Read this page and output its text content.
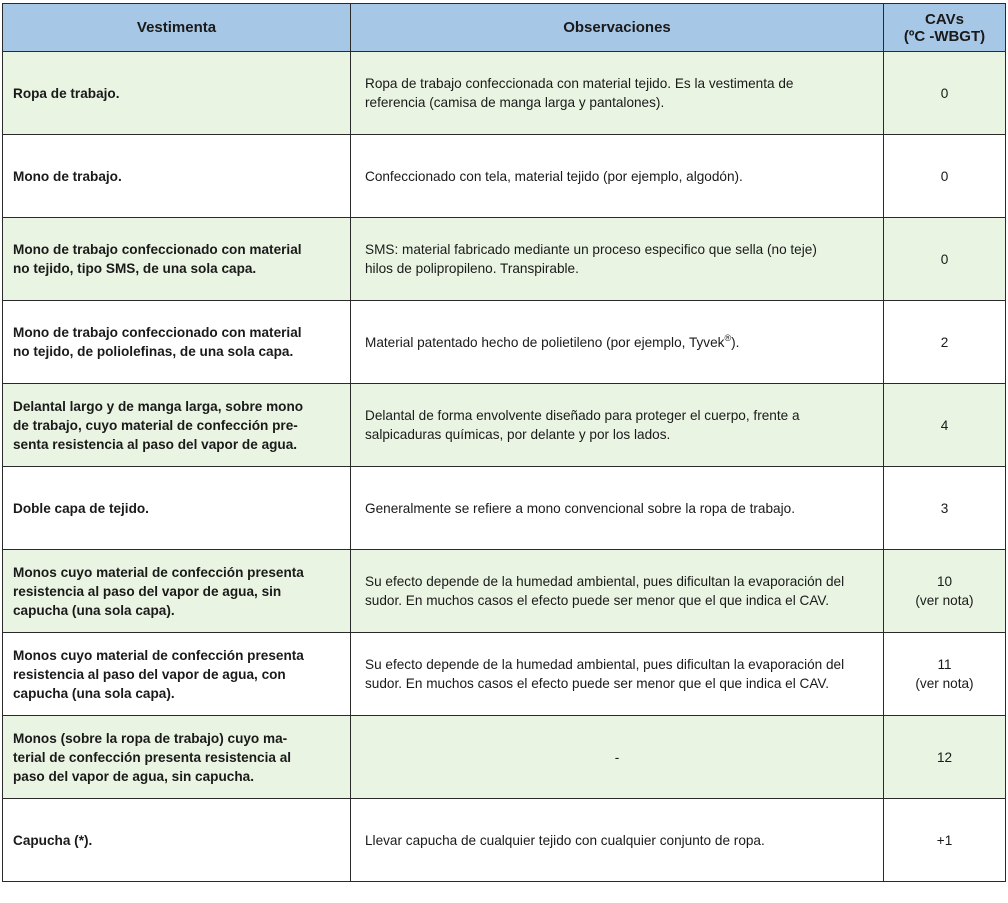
Vestimenta	Observaciones	CAVs
(ºC -WBGT)

Ropa de trabajo.	Ropa de trabajo confeccionada con material tejido. Es la vestimenta de
referencia (camisa de manga larga y pantalones).	0

Mono de trabajo.	Confeccionado con tela, material tejido (por ejemplo, algodón).	0

Mono de trabajo confeccionado con material
no tejido, tipo SMS, de una sola capa.	SMS: material fabricado mediante un proceso especifico que sella (no teje)
hilos de polipropileno. Transpirable.	0

Mono de trabajo confeccionado con material
no tejido, de poliolefinas, de una sola capa.	Material patentado hecho de polietileno (por ejemplo, Tyvek®).	2

Delantal largo y de manga larga, sobre mono
de trabajo, cuyo material de confección pre-
senta resistencia al paso del vapor de agua.	Delantal de forma envolvente diseñado para proteger el cuerpo, frente a
salpicaduras químicas, por delante y por los lados.	4

Doble capa de tejido.	Generalmente se refiere a mono convencional sobre la ropa de trabajo.	3

Monos cuyo material de confección presenta
resistencia al paso del vapor de agua, sin
capucha (una sola capa).	Su efecto depende de la humedad ambiental, pues dificultan la evaporación del
sudor. En muchos casos el efecto puede ser menor que el que indica el CAV.	10
(ver nota)

Monos cuyo material de confección presenta
resistencia al paso del vapor de agua, con
capucha (una sola capa).	Su efecto depende de la humedad ambiental, pues dificultan la evaporación del
sudor. En muchos casos el efecto puede ser menor que el que indica el CAV.	11
(ver nota)

Monos (sobre la ropa de trabajo) cuyo ma-
terial de confección presenta resistencia al
paso del vapor de agua, sin capucha.	-	12

Capucha (*).	Llevar capucha de cualquier tejido con cualquier conjunto de ropa.	+1
